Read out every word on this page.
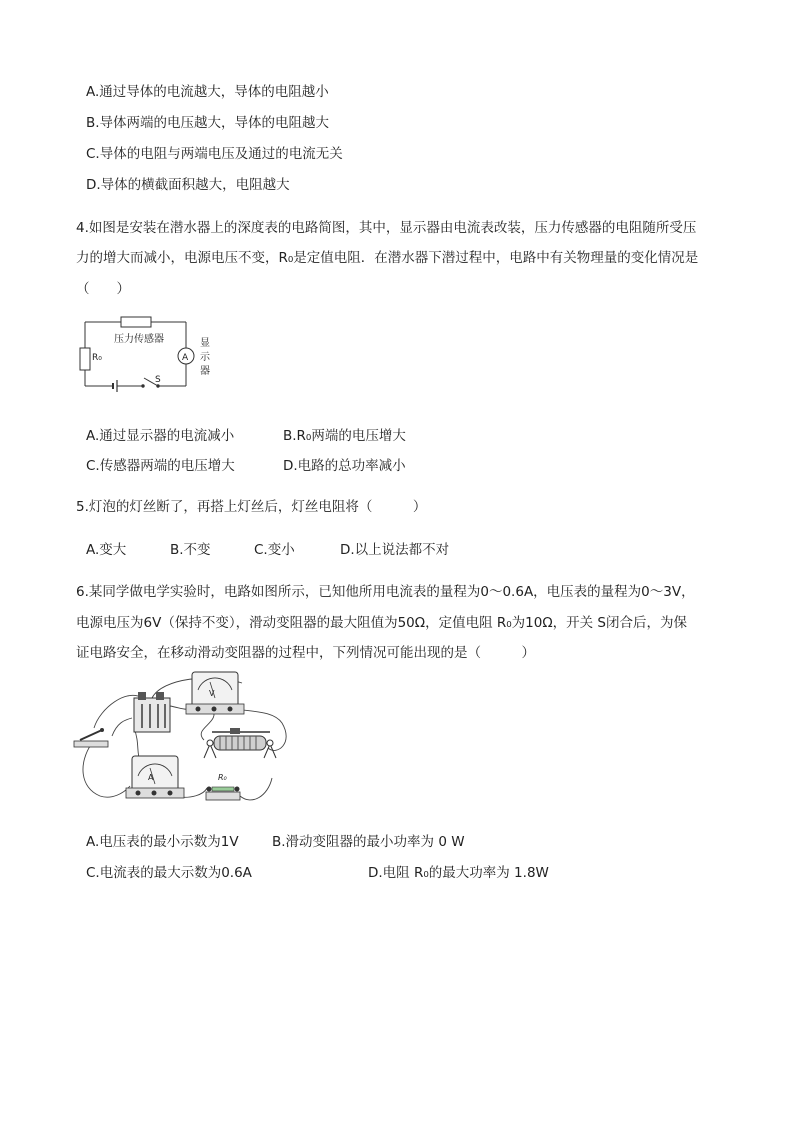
A.通过导体的电流越大，导体的电阻越小
B.导体两端的电压越大，导体的电阻越大
C.导体的电阻与两端电压及通过的电流无关
D.导体的横截面积越大，电阻越大
4.如图是安装在潜水器上的深度表的电路简图，其中，显示器由电流表改装，压力传感器的电阻随所受压
力的增大而减小，电源电压不变，R₀是定值电阻．在潜水器下潜过程中，电路中有关物理量的变化情况是
（　　）
压力传感器
R₀	A
显
示
器
S
A.通过显示器的电流减小	B.R₀两端的电压增大
C.传感器两端的电压增大	D.电路的总功率减小
5.灯泡的灯丝断了，再搭上灯丝后，灯丝电阻将（　　　）
A.变大	B.不变	C.变小	D.以上说法都不对
6.某同学做电学实验时，电路如图所示，已知他所用电流表的量程为0～0.6A，电压表的量程为0～3V，
电源电压为6V（保持不变），滑动变阻器的最大阻值为50Ω，定值电阻 R₀为10Ω，开关 S闭合后，为保
证电路安全，在移动滑动变阻器的过程中，下列情况可能出现的是（　　　）
V
A	R₀
A.电压表的最小示数为1V B.滑动变阻器的最小功率为 0 W
C.电流表的最大示数为0.6A	D.电阻 R₀的最大功率为 1.8W
